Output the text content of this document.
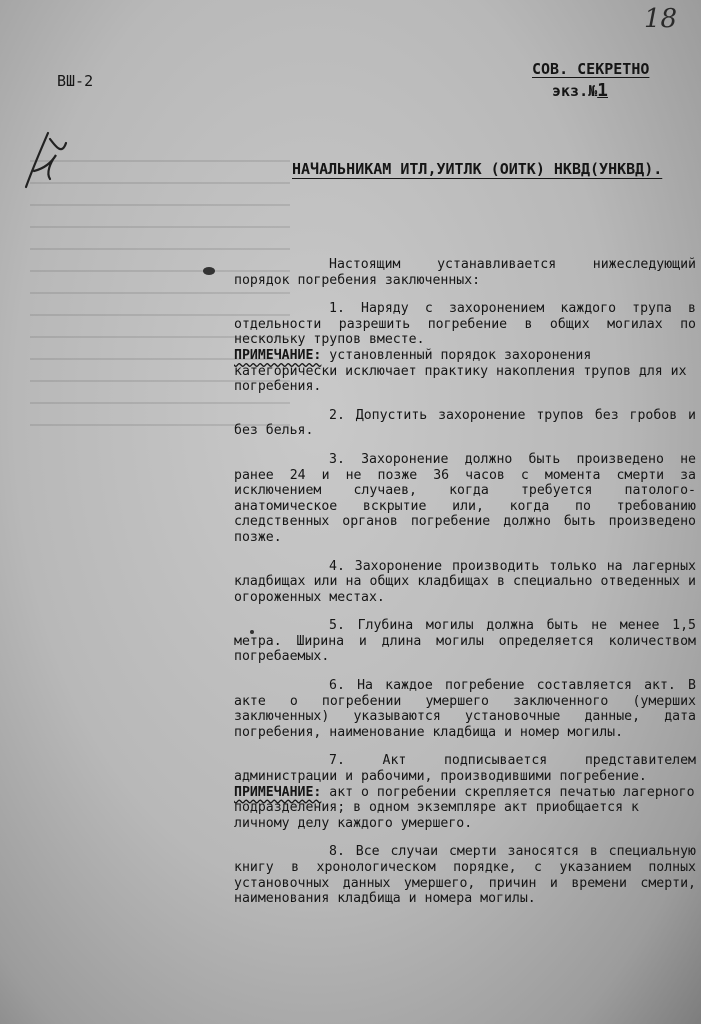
18
ВШ-2
СОВ. СЕКРЕТНО
экз.№1
НАЧАЛЬНИКАМ ИТЛ,УИТЛК (ОИТК) НКВД(УНКВД).

Настоящим устанавливается нижеследующий порядок погребения заключенных:

1. Наряду с захоронением каждого трупа в отдельности разрешить погребение в общих могилах по нескольку трупов вместе.

ПРИМЕЧАНИЕ: установленный порядок захоронения категорически исключает практику накопления трупов для их погребения.

2. Допустить захоронение трупов без гробов и без белья.

3. Захоронение должно быть произведено не ранее 24 и не позже 36 часов с момента смерти за исключением случаев, когда требуется патолого-анатомическое вскрытие или, когда по требованию следственных органов погребение должно быть произведено позже.

4. Захоронение производить только на лагерных кладбищах или на общих кладбищах в специально отведенных и огороженных местах.

5. Глубина могилы должна быть не менее 1,5 метра. Ширина и длина могилы определяется количеством погребаемых.

6. На каждое погребение составляется акт. В акте о погребении умершего заключенного (умерших заключенных) указываются установочные данные, дата погребения, наименование кладбища и номер могилы.

7. Акт подписывается представителем администрации и рабочими, производившими погребение.

ПРИМЕЧАНИЕ: акт о погребении скрепляется печатью лагерного подразделения; в одном экземпляре акт приобщается к личному делу каждого умершего.

8. Все случаи смерти заносятся в специальную книгу в хронологическом порядке, с указанием полных установочных данных умершего, причин и времени смерти, наименования кладбища и номера могилы.
